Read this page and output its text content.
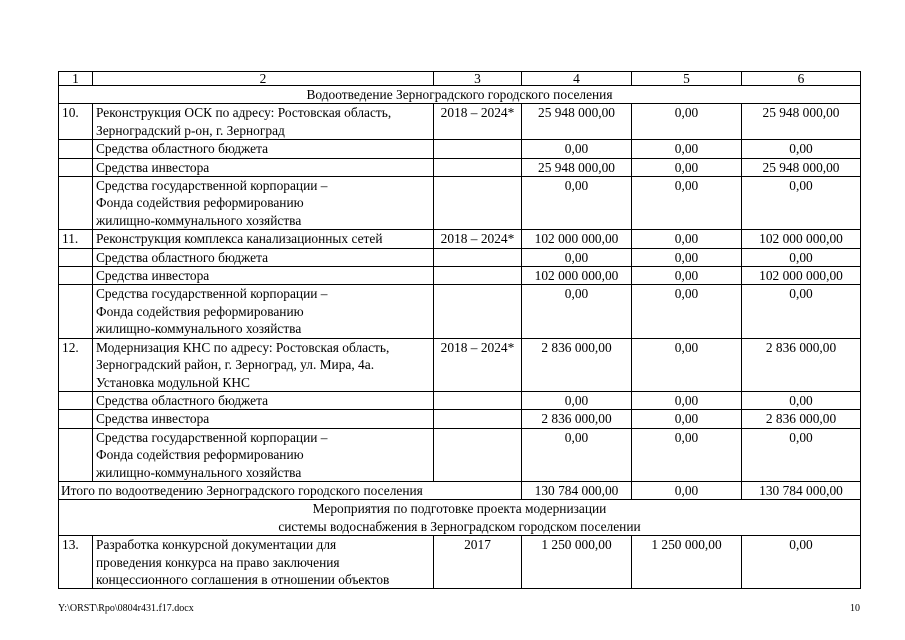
1	2	3	4	5	6
Водоотведение Зерноградского городского поселения					
10.	Реконструкция ОСК по адресу: Ростовская область,
Зерноградский р-он, г. Зерноград	2018 – 2024*	25 948 000,00	0,00	25 948 000,00
	Средства областного бюджета		0,00	0,00	0,00
	Средства инвестора		25 948 000,00	0,00	25 948 000,00

	Средства государственной корпорации –
Фонда содействия реформированию
жилищно-коммунального хозяйства		0,00	0,00	0,00
11.	Реконструкция комплекса канализационных сетей	2018 – 2024*	102 000 000,00	0,00	102 000 000,00
	Средства областного бюджета		0,00	0,00	0,00
	Средства инвестора		102 000 000,00	0,00	102 000 000,00

	Средства государственной корпорации –
Фонда содействия реформированию
жилищно-коммунального хозяйства		0,00	0,00	0,00
12.	Модернизация КНС по адресу: Ростовская область,
Зерноградский район, г. Зерноград, ул. Мира, 4а.
Установка модульной КНС	2018 – 2024*	2 836 000,00	0,00	2 836 000,00
	Средства областного бюджета		0,00	0,00	0,00
	Средства инвестора		2 836 000,00	0,00	2 836 000,00

	Средства государственной корпорации –
Фонда содействия реформированию
жилищно-коммунального хозяйства		0,00	0,00	0,00
Итого по водоотведению Зерноградского городского поселения			130 784 000,00	0,00	130 784 000,00

Мероприятия по подготовке проекта модернизации
системы водоснабжения в Зерноградском городском поселении					

13.	Разработка конкурсной документации для
проведения конкурса на право заключения
концессионного соглашения в отношении объектов	2017	1 250 000,00	1 250 000,00	0,00
Y:\ORST\Rpo\0804r431.f17.docx	10
